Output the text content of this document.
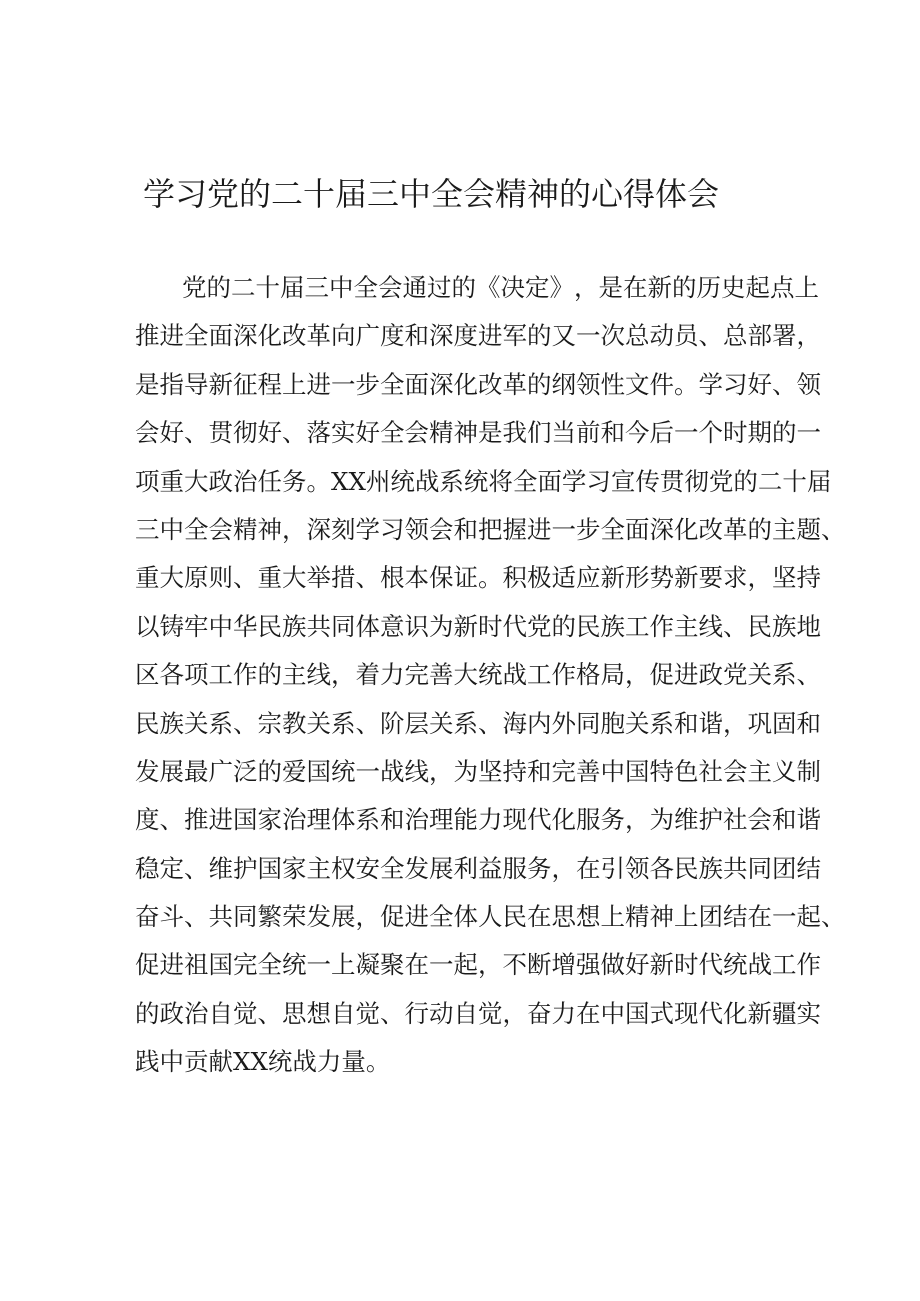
学习党的二十届三中全会精神的心得体会
党 的 二 十 届 三 中 全 会 通 过 的 《 决 定 》 ， 是 在 新 的 历 史 起 点 上
推 进 全 面 深 化 改 革 向 广 度 和 深 度 进 军 的 又 一 次 总 动 员 、 总 部 署 ，
是 指 导 新 征 程 上 进 一 步 全 面 深 化 改 革 的 纲 领 性 文 件 。 学 习 好 、 领
会 好 、 贯 彻 好 、 落 实 好 全 会 精 神 是 我 们 当 前 和 今 后 一 个 时 期 的 一
项 重 大 政 治 任 务 。 X X 州 统 战 系 统 将 全 面 学 习 宣 传 贯 彻 党 的 二 十 届
三 中 全 会 精 神 ， 深 刻 学 习 领 会 和 把 握 进 一 步 全 面 深 化 改 革 的 主 题 、
重 大 原 则 、 重 大 举 措 、 根 本 保 证 。 积 极 适 应 新 形 势 新 要 求 ， 坚 持
以 铸 牢 中 华 民 族 共 同 体 意 识 为 新 时 代 党 的 民 族 工 作 主 线 、 民 族 地
区 各 项 工 作 的 主 线 ， 着 力 完 善 大 统 战 工 作 格 局 ， 促 进 政 党 关 系 、
民 族 关 系 、 宗 教 关 系 、 阶 层 关 系 、 海 内 外 同 胞 关 系 和 谐 ， 巩 固 和
发 展 最 广 泛 的 爱 国 统 一 战 线 ， 为 坚 持 和 完 善 中 国 特 色 社 会 主 义 制
度 、 推 进 国 家 治 理 体 系 和 治 理 能 力 现 代 化 服 务 ， 为 维 护 社 会 和 谐
稳 定 、 维 护 国 家 主 权 安 全 发 展 利 益 服 务 ， 在 引 领 各 民 族 共 同 团 结
奋 斗 、 共 同 繁 荣 发 展 ， 促 进 全 体 人 民 在 思 想 上 精 神 上 团 结 在 一 起 、
促 进 祖 国 完 全 统 一 上 凝 聚 在 一 起 ， 不 断 增 强 做 好 新 时 代 统 战 工 作
的 政 治 自 觉 、 思 想 自 觉 、 行 动 自 觉 ， 奋 力 在 中 国 式 现 代 化 新 疆 实
践中贡献XX统战力量。
